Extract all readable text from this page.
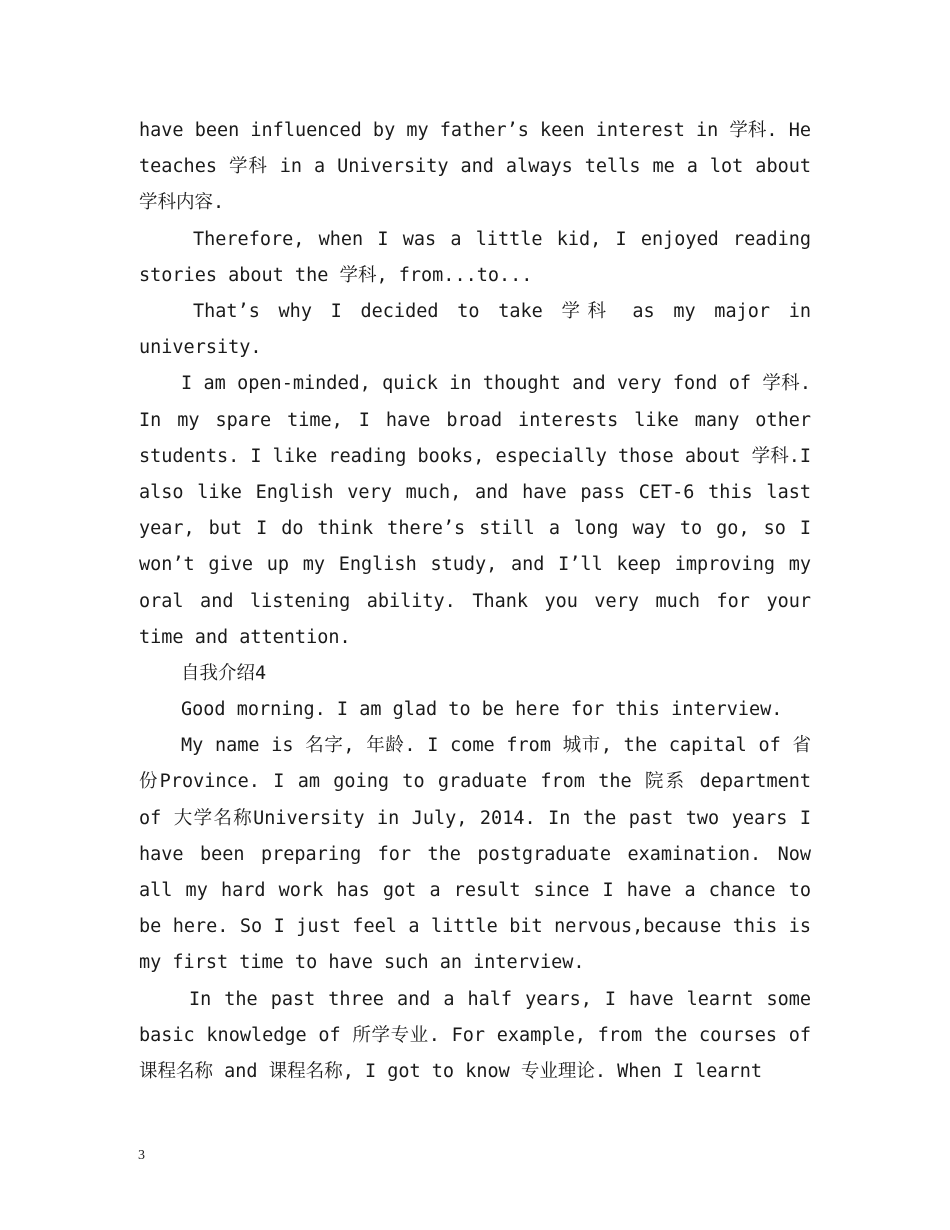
have been influenced by my father’s keen interest in 学科. He teaches 学科 in a University and always tells me a lot about 学科内容.

Therefore, when I was a little kid, I enjoyed reading stories about the 学科, from...to...

That’s why I decided to take 学科 as my major in university.

I am open-minded, quick in thought and very fond of 学科. In my spare time, I have broad interests like many other students. I like reading books, especially those about 学科.I also like English very much, and have pass CET-6 this last year, but I do think there’s still a long way to go, so I won’t give up my English study, and I’ll keep improving my oral and listening ability. Thank you very much for your time and attention.

自我介绍4

Good morning. I am glad to be here for this interview.

My name is 名字, 年龄. I come from 城市, the capital of 省份Province. I am going to graduate from the 院系 department of 大学名称University in July, 2014. In the past two years I have been preparing for the postgraduate examination. Now all my hard work has got a result since I have a chance to be here. So I just feel a little bit nervous,because this is my first time to have such an interview.

In the past three and a half years, I have learnt some basic knowledge of 所学专业. For example, from the courses of 课程名称 and 课程名称, I got to know 专业理论. When I learnt

3
